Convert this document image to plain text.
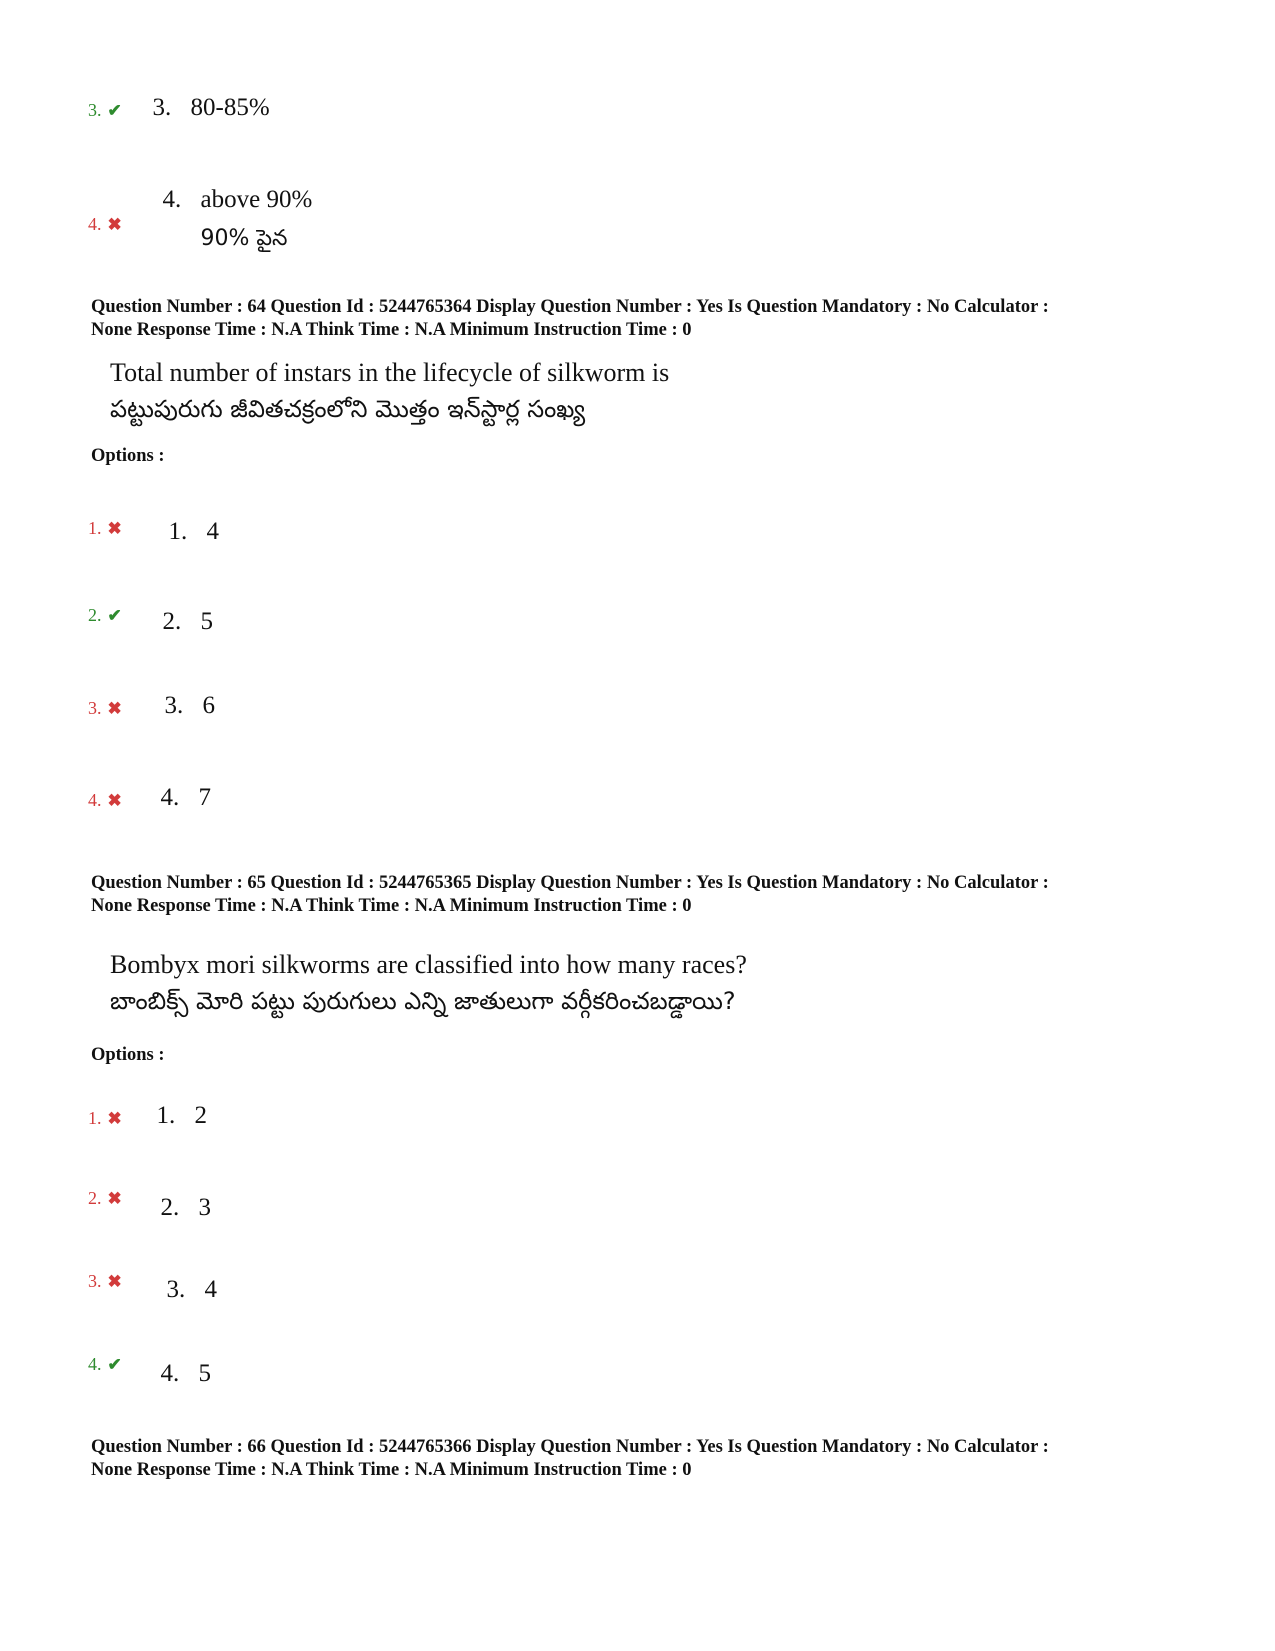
3. 80-85%

3. ✔

4. above 90%

90% పైన

4. ✖
Question Number : 64 Question Id : 5244765364 Display Question Number : Yes Is Question Mandatory : No Calculator :
None Response Time : N.A Think Time : N.A Minimum Instruction Time : 0
Total number of instars in the lifecycle of silkworm is
పట్టుపురుగు జీవితచక్రంలోని మొత్తం ఇన్‌స్టార్ల సంఖ్య
Options :

1. 4

1. ✖

2. 5

2. ✔

3. 6

3. ✖

4. 7

4. ✖
Question Number : 65 Question Id : 5244765365 Display Question Number : Yes Is Question Mandatory : No Calculator :
None Response Time : N.A Think Time : N.A Minimum Instruction Time : 0
Bombyx mori silkworms are classified into how many races?
బాంబిక్స్ మోరి పట్టు పురుగులు ఎన్ని జాతులుగా వర్గీకరించబడ్డాయి?
Options :

1. 2

1. ✖

2. 3

2. ✖

3. 4

3. ✖

4. 5

4. ✔
Question Number : 66 Question Id : 5244765366 Display Question Number : Yes Is Question Mandatory : No Calculator :
None Response Time : N.A Think Time : N.A Minimum Instruction Time : 0
